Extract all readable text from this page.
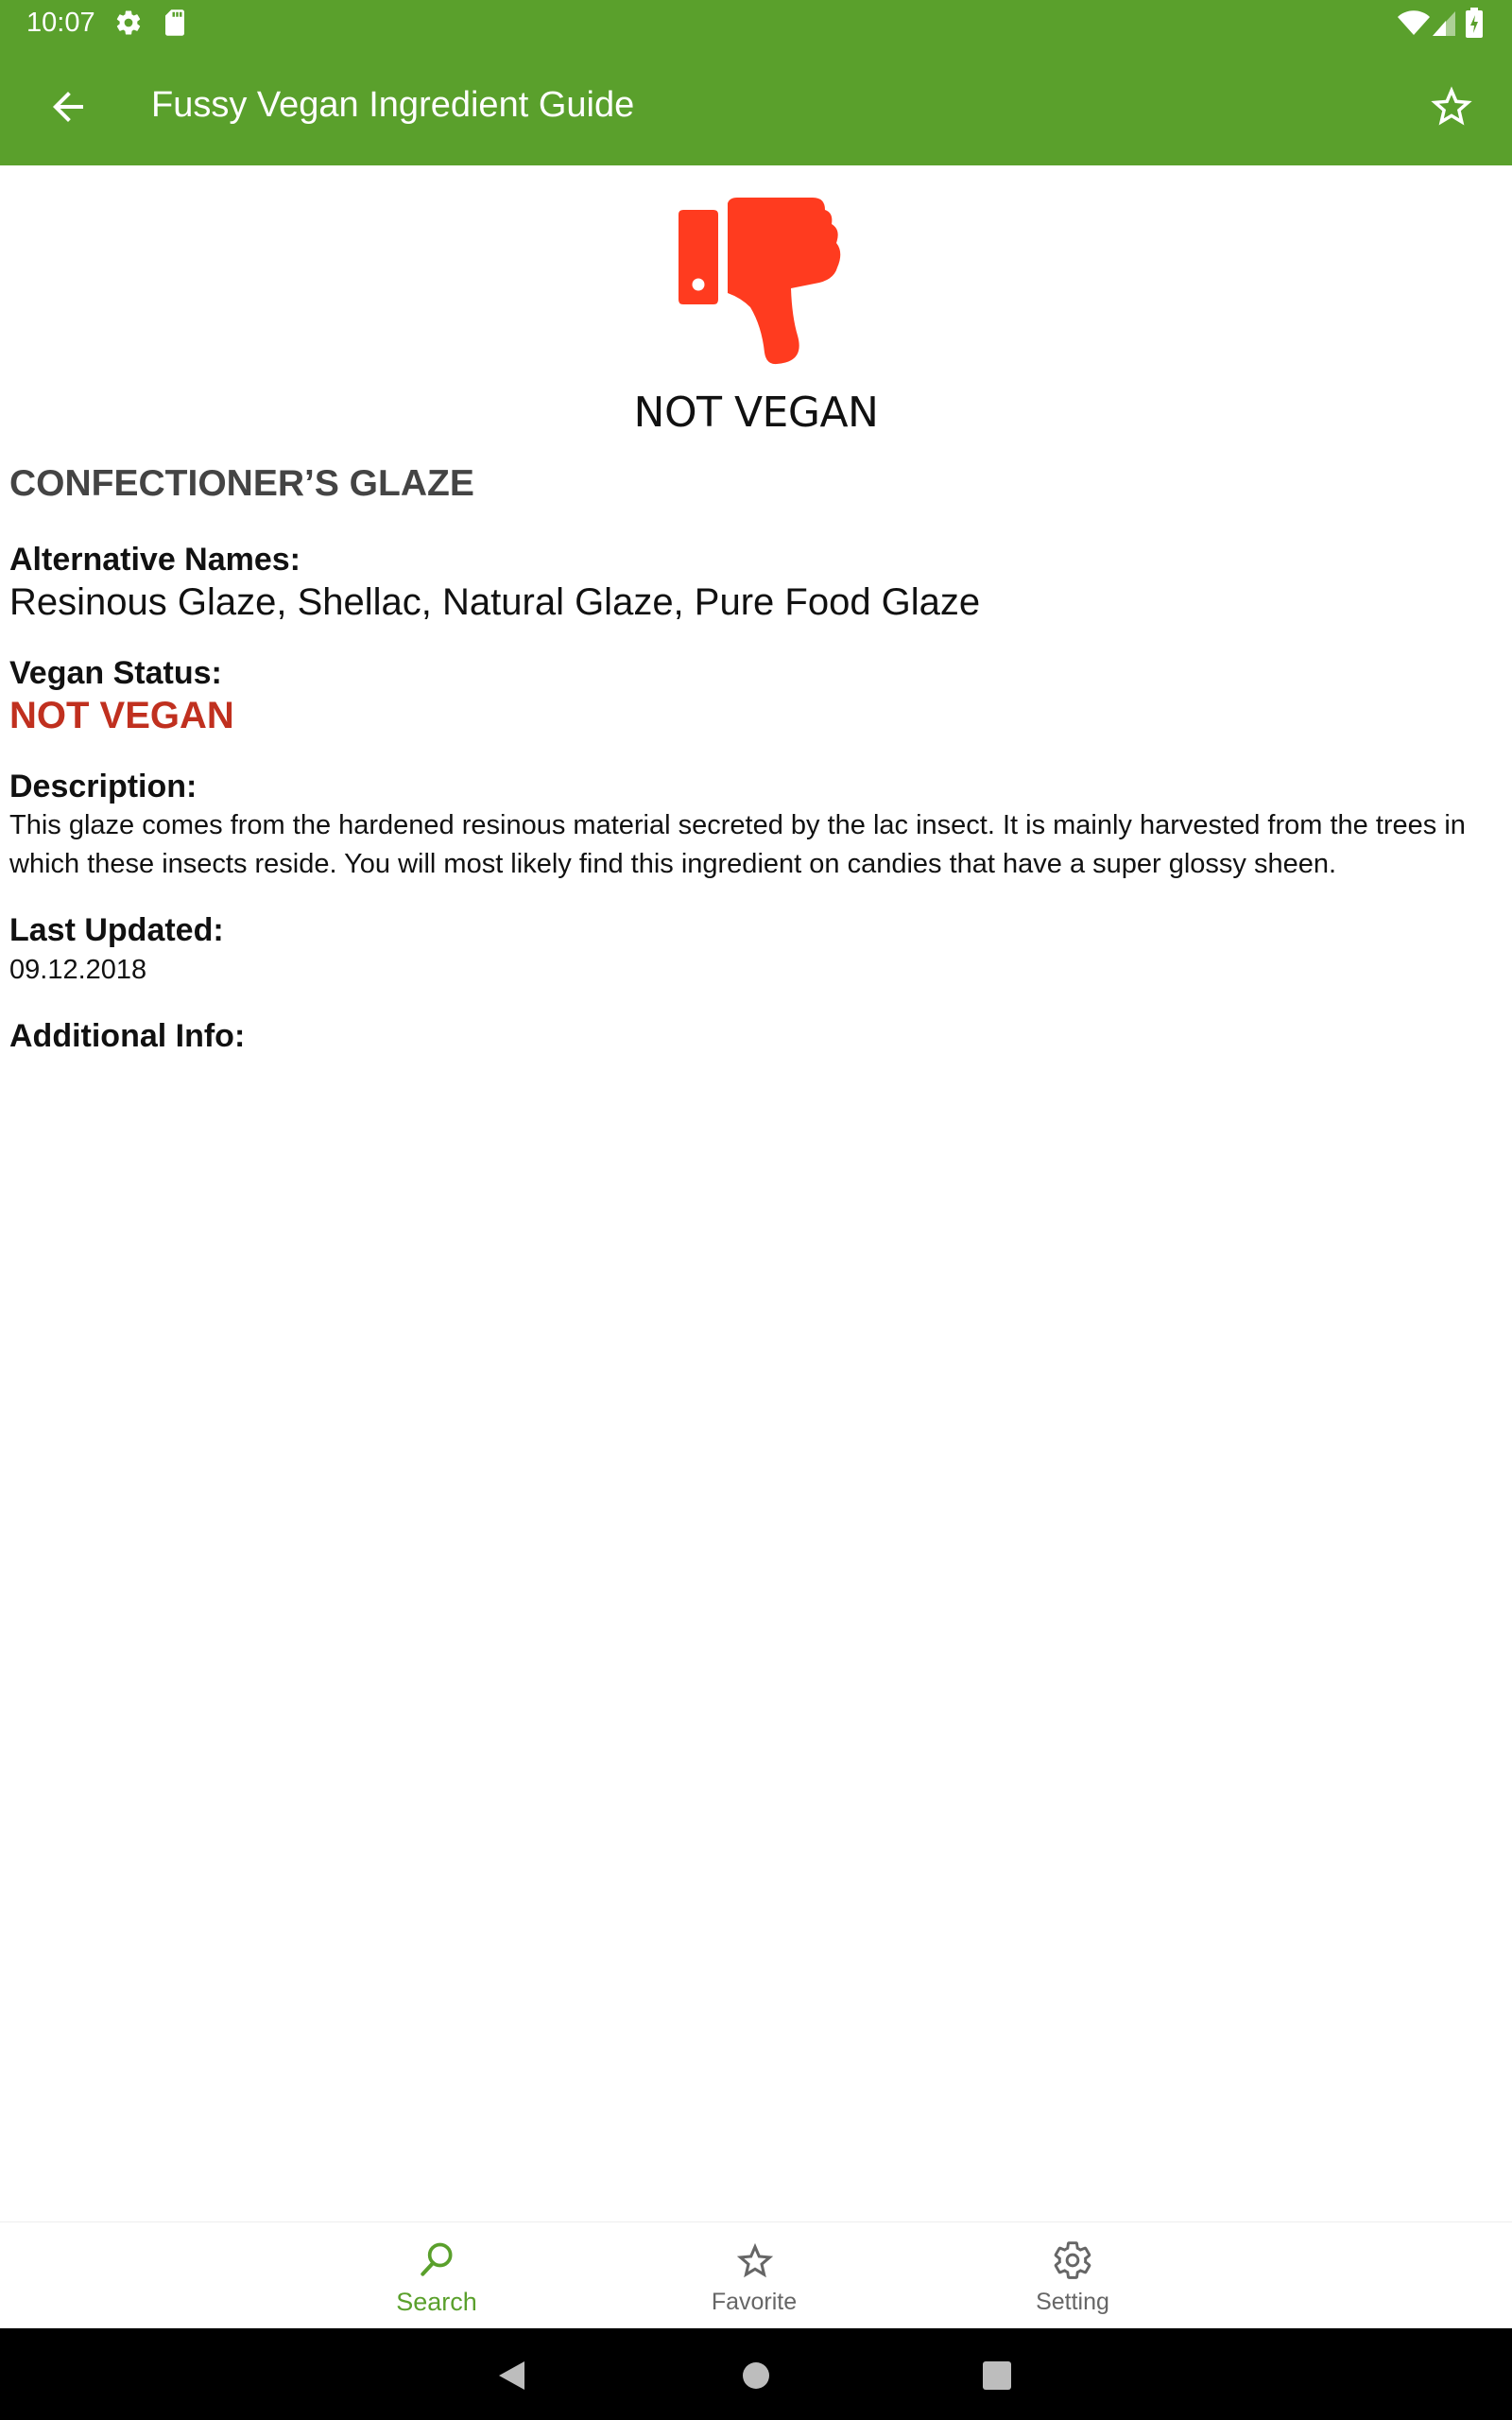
10:07
Fussy Vegan Ingredient Guide
NOT VEGAN

CONFECTIONER’S GLAZE

Alternative Names:

Resinous Glaze, Shellac, Natural Glaze, Pure Food Glaze

Vegan Status:

NOT VEGAN

Description:

This glaze comes from the hardened resinous material secreted by the lac insect. It is mainly harvested from the trees in which these insects reside. You will most likely find this ingredient on candies that have a super glossy sheen.

Last Updated:

09.12.2018

Additional Info:

Search	Favorite	Setting
